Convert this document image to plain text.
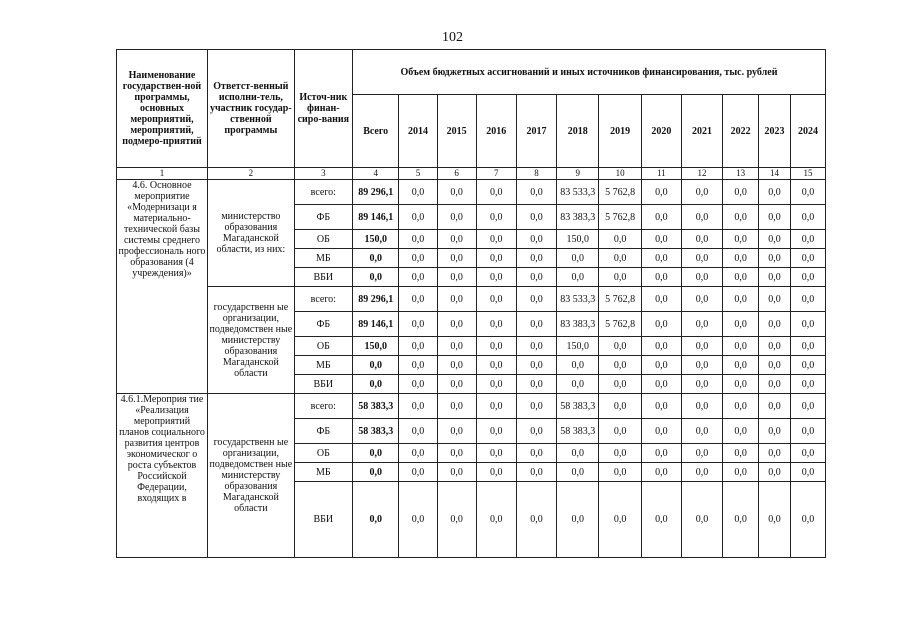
102
Наименование государствен-ной программы, основных мероприятий, мероприятий, подмеро-приятий	Ответст-венный исполни-тель, участник государ-ственной программы	Источ-ник финан-сиро-вания	Объем бюджетных ассигнований и иных источников финансирования, тыс. рублей											
			Всего	2014	2015	2016	2017	2018	2019	2020	2021	2022	2023	2024
1	2	3	4	5	6	7	8	9	10	11	12	13	14	15
4.6. Основное мероприятие «Модернизаци я материально-технической базы системы среднего профессиональ ного образования (4 учреждения)»	министерство образования Магаданской области, из них:	всего:	89 296,1	0,0	0,0	0,0	0,0	83 533,3	5 762,8	0,0	0,0	0,0	0,0	0,0
		ФБ	89 146,1	0,0	0,0	0,0	0,0	83 383,3	5 762,8	0,0	0,0	0,0	0,0	0,0
		ОБ	150,0	0,0	0,0	0,0	0,0	150,0	0,0	0,0	0,0	0,0	0,0	0,0
		МБ	0,0	0,0	0,0	0,0	0,0	0,0	0,0	0,0	0,0	0,0	0,0	0,0
		ВБИ	0,0	0,0	0,0	0,0	0,0	0,0	0,0	0,0	0,0	0,0	0,0	0,0
	государственн ые организации, подведомствен ные министерству образования Магаданской области	всего:	89 296,1	0,0	0,0	0,0	0,0	83 533,3	5 762,8	0,0	0,0	0,0	0,0	0,0
		ФБ	89 146,1	0,0	0,0	0,0	0,0	83 383,3	5 762,8	0,0	0,0	0,0	0,0	0,0
		ОБ	150,0	0,0	0,0	0,0	0,0	150,0	0,0	0,0	0,0	0,0	0,0	0,0
		МБ	0,0	0,0	0,0	0,0	0,0	0,0	0,0	0,0	0,0	0,0	0,0	0,0
		ВБИ	0,0	0,0	0,0	0,0	0,0	0,0	0,0	0,0	0,0	0,0	0,0	0,0
4.6.1.Мероприя тие «Реализация мероприятий планов социального развития центров экономическог о роста субъектов Российской Федерации, входящих в	государственн ые организации, подведомствен ные министерству образования Магаданской области	всего:	58 383,3	0,0	0,0	0,0	0,0	58 383,3	0,0	0,0	0,0	0,0	0,0	0,0
		ФБ	58 383,3	0,0	0,0	0,0	0,0	58 383,3	0,0	0,0	0,0	0,0	0,0	0,0
		ОБ	0,0	0,0	0,0	0,0	0,0	0,0	0,0	0,0	0,0	0,0	0,0	0,0
		МБ	0,0	0,0	0,0	0,0	0,0	0,0	0,0	0,0	0,0	0,0	0,0	0,0
		ВБИ	0,0	0,0	0,0	0,0	0,0	0,0	0,0	0,0	0,0	0,0	0,0	0,0
